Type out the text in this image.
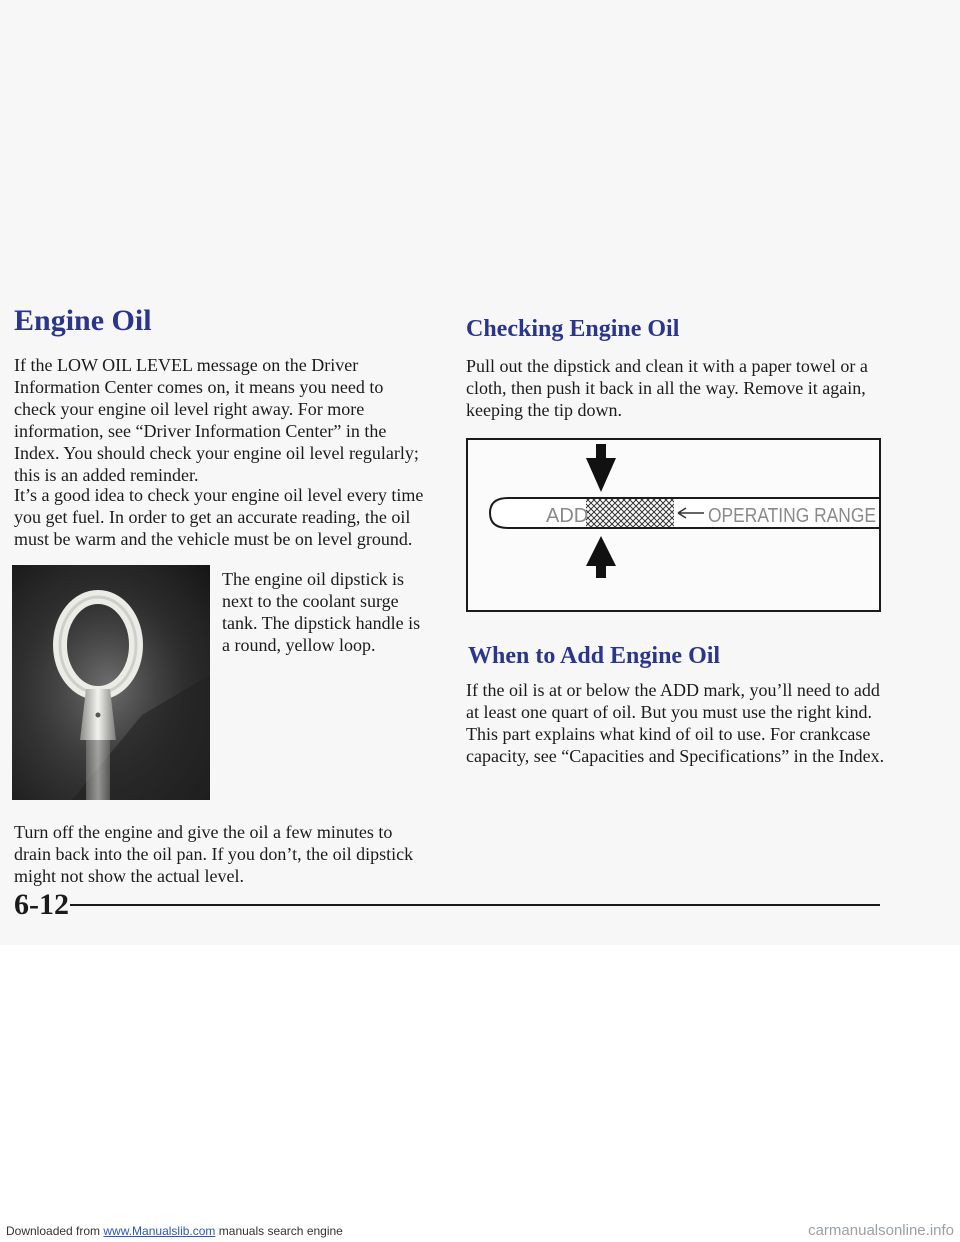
Engine Oil

If the LOW OIL LEVEL message on the Driver Information Center comes on, it means you need to check your engine oil level right away. For more information, see “Driver Information Center” in the Index. You should check your engine oil level regularly; this is an added reminder.

It’s a good idea to check your engine oil level every time you get fuel. In order to get an accurate reading, the oil must be warm and the vehicle must be on level ground.

The engine oil dipstick is next to the coolant surge tank. The dipstick handle is a round, yellow loop.

Turn off the engine and give the oil a few minutes to drain back into the oil pan. If you don’t, the oil dipstick might not show the actual level.

Checking Engine Oil

Pull out the dipstick and clean it with a paper towel or a cloth, then push it back in all the way. Remove it again, keeping the tip down.

ADD	OPERATING RANGE
When to Add Engine Oil

If the oil is at or below the ADD mark, you’ll need to add at least one quart of oil. But you must use the right kind. This part explains what kind of oil to use. For crankcase capacity, see “Capacities and Specifications” in the Index.

6-12
Downloaded from www.Manualslib.com manuals search engine	carmanualsonline.info
